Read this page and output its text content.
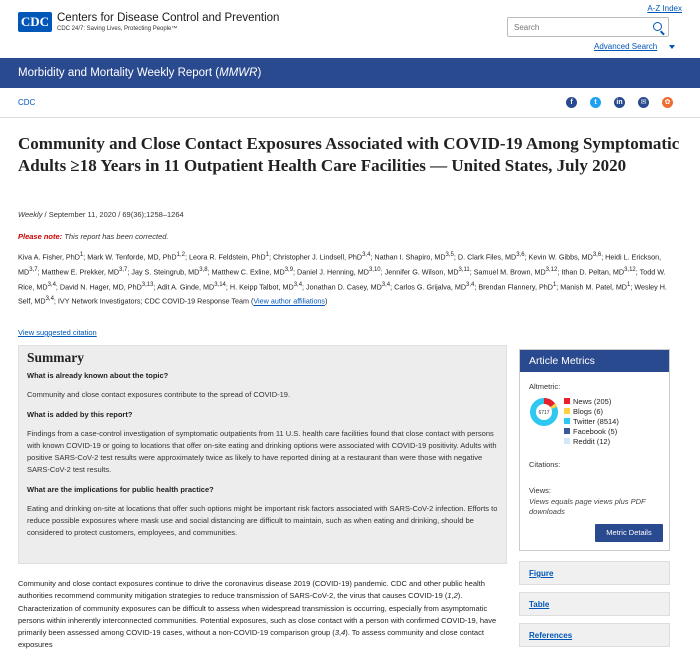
CDC Centers for Disease Control and Prevention
CDC 24/7: Saving Lives, Protecting People™
A-Z Index
Search
Advanced Search
Morbidity and Mortality Weekly Report (MMWR)
CDC	f	t	in	✉	✿
Community and Close Contact Exposures Associated with COVID-19 Among Symptomatic Adults ≥18 Years in 11 Outpatient Health Care Facilities — United States, July 2020
Weekly / September 11, 2020 / 69(36);1258–1264
Please note: This report has been corrected.
Kiva A. Fisher, PhD$^1$; Mark W. Tenforde, MD, PhD$^{1,2}$; Leora R. Feldstein, PhD$^1$; Christopher J. Lindsell, PhD$^{3,4}$; Nathan I. Shapiro, MD$^{3,5}$; D. Clark Files, MD$^{3,6}$; Kevin W. Gibbs, MD$^{3,6}$; Heidi L. Erickson, MD$^{3,7}$; Matthew E. Prekker, MD$^{3,7}$; Jay S. Steingrub, MD$^{3,8}$; Matthew C. Exline, MD$^{3,9}$; Daniel J. Henning, MD$^{3,10}$; Jennifer G. Wilson, MD$^{3,11}$; Samuel M. Brown, MD$^{3,12}$; Ithan D. Peltan, MD$^{3,12}$; Todd W. Rice, MD$^{3,4}$; David N. Hager, MD, PhD$^{3,13}$; Adit A. Ginde, MD$^{3,14}$; H. Keipp Talbot, MD$^{3,4}$; Jonathan D. Casey, MD$^{3,4}$; Carlos G. Grijalva, MD$^{3,4}$; Brendan Flannery, PhD$^1$; Manish M. Patel, $MD^1$; Wesley H. Self, MD$^{3,4}$; IVY Network Investigators; CDC COVID-19 Response Team (View author affiliations)
View suggested citation
Summary
What is already known about the topic?
Community and close contact exposures contribute to the spread of COVID-19.
What is added by this report?
Findings from a case-control investigation of symptomatic outpatients from 11 U.S. health care facilities found that close contact with persons with known COVID-19 or going to locations that offer on-site eating and drinking options were associated with COVID-19 positivity. Adults with positive SARS-CoV-2 test results were approximately twice as likely to have reported dining at a restaurant than were those with negative SARS-CoV-2 test results.
What are the implications for public health practice?
Eating and drinking on-site at locations that offer such options might be important risk factors associated with SARS-CoV-2 infection. Efforts to reduce possible exposures where mask use and social distancing are difficult to maintain, such as when eating and drinking, should be considered to protect customers, employees, and communities.
Community and close contact exposures continue to drive the coronavirus disease 2019 (COVID-19) pandemic. CDC and other public health authorities recommend community mitigation strategies to reduce transmission of SARS-CoV-2, the virus that causes COVID-19 (1,2). Characterization of community exposures can be difficult to assess when widespread transmission is occurring, especially from asymptomatic persons within inherently interconnected communities. Potential exposures, such as close contact with a person with confirmed COVID-19, have primarily been assessed among COVID-19 cases, without a non-COVID-19 comparison group (3,4). To assess community and close contact exposures
Article Metrics
Altmetric:
6717
News (205)
Blogs (6)
Twitter (8514)
Facebook (5)
Reddit (12)
Citations:
Views:
Views equals page views plus PDF downloads
Metric Details
Figure
Table
References
